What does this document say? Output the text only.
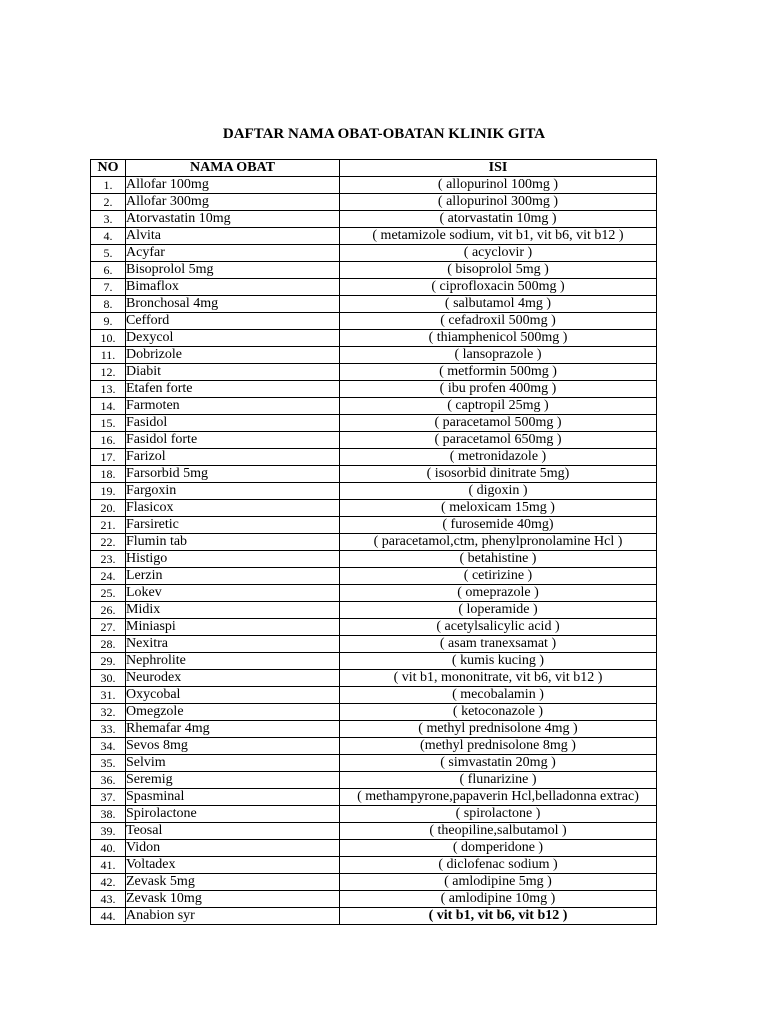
DAFTAR NAMA OBAT-OBATAN KLINIK GITA
NO	NAMA OBAT	ISI
1.	Allofar 100mg	( allopurinol 100mg )
2.	Allofar 300mg	( allopurinol 300mg )
3.	Atorvastatin 10mg	( atorvastatin 10mg )
4.	Alvita	( metamizole sodium, vit b1, vit b6, vit b12 )
5.	Acyfar	( acyclovir )
6.	Bisoprolol 5mg	( bisoprolol 5mg )
7.	Bimaflox	( ciprofloxacin 500mg )
8.	Bronchosal 4mg	( salbutamol 4mg )
9.	Cefford	( cefadroxil 500mg )
10.	Dexycol	( thiamphenicol 500mg )
11.	Dobrizole	( lansoprazole )
12.	Diabit	( metformin 500mg )
13.	Etafen forte	( ibu profen 400mg )
14.	Farmoten	( captropil 25mg )
15.	Fasidol	( paracetamol 500mg )
16.	Fasidol forte	( paracetamol 650mg )
17.	Farizol	( metronidazole )
18.	Farsorbid 5mg	( isosorbid dinitrate 5mg)
19.	Fargoxin	( digoxin )
20.	Flasicox	( meloxicam 15mg )
21.	Farsiretic	( furosemide 40mg)
22.	Flumin tab	( paracetamol,ctm, phenylpronolamine Hcl )
23.	Histigo	( betahistine )
24.	Lerzin	( cetirizine )
25.	Lokev	( omeprazole )
26.	Midix	( loperamide )
27.	Miniaspi	( acetylsalicylic acid )
28.	Nexitra	( asam tranexsamat )
29.	Nephrolite	( kumis kucing )
30.	Neurodex	( vit b1, mononitrate, vit b6, vit b12 )
31.	Oxycobal	( mecobalamin )
32.	Omegzole	( ketoconazole )
33.	Rhemafar 4mg	( methyl prednisolone 4mg )
34.	Sevos 8mg	(methyl prednisolone 8mg )
35.	Selvim	( simvastatin 20mg )
36.	Seremig	( flunarizine )
37.	Spasminal	( methampyrone,papaverin Hcl,belladonna extrac)
38.	Spirolactone	( spirolactone )
39.	Teosal	( theopiline,salbutamol )
40.	Vidon	( domperidone )
41.	Voltadex	( diclofenac sodium )
42.	Zevask 5mg	( amlodipine 5mg )
43.	Zevask 10mg	( amlodipine 10mg )
44.	Anabion syr	( vit b1, vit b6, vit b12 )
